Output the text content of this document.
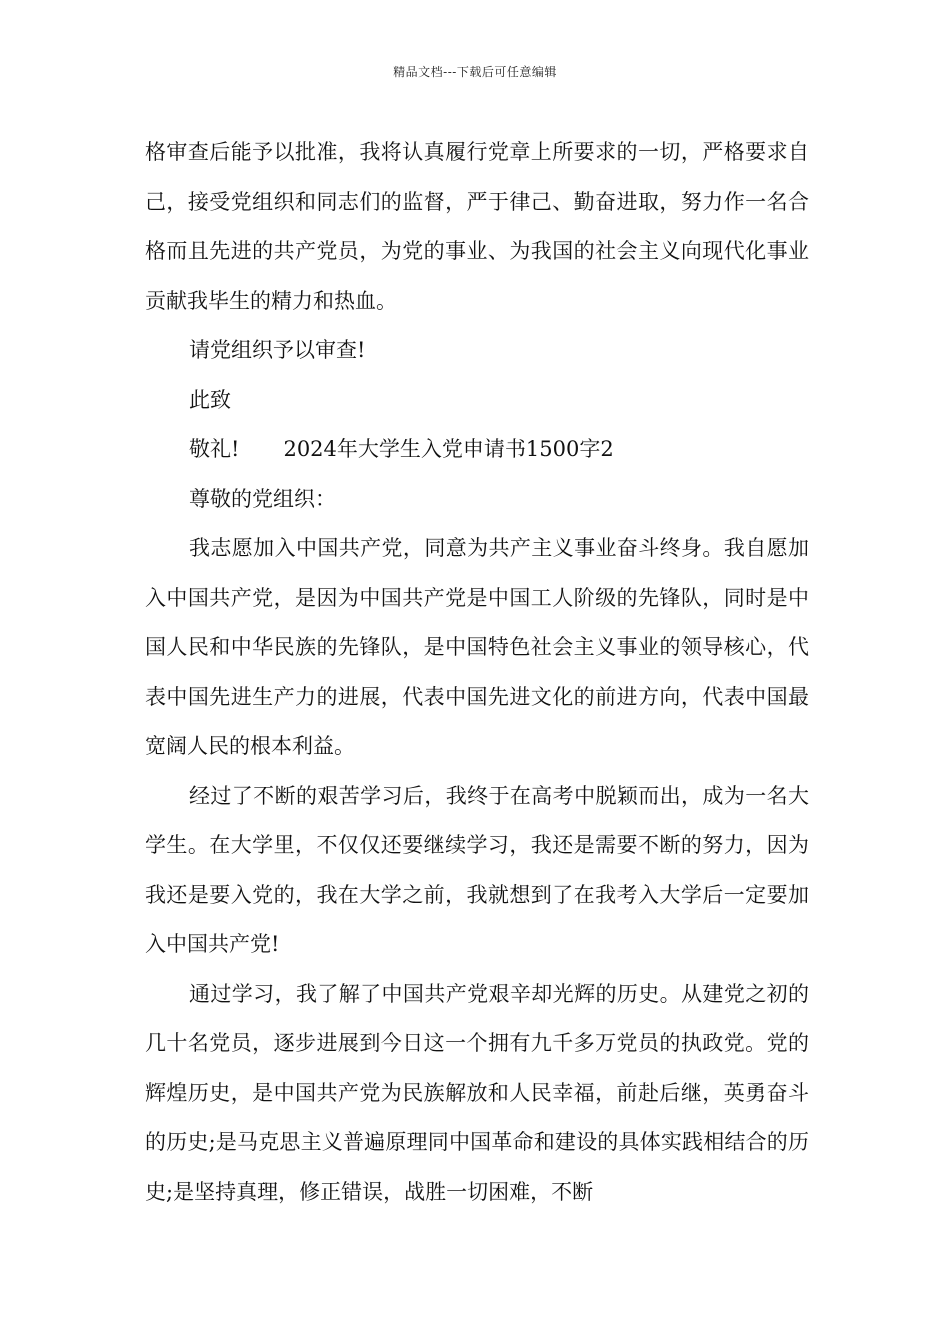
精品文档---下载后可任意编辑

格审查后能予以批准，我将认真履行党章上所要求的一切，严格要求自己，接受党组织和同志们的监督，严于律己、勤奋进取，努力作一名合格而且先进的共产党员，为党的事业、为我国的社会主义向现代化事业贡献我毕生的精力和热血。

请党组织予以审查!

此致

敬礼! 2024年大学生入党申请书1500字2

尊敬的党组织：

我志愿加入中国共产党，同意为共产主义事业奋斗终身。我自愿加入中国共产党，是因为中国共产党是中国工人阶级的先锋队，同时是中国人民和中华民族的先锋队，是中国特色社会主义事业的领导核心，代表中国先进生产力的进展，代表中国先进文化的前进方向，代表中国最宽阔人民的根本利益。

经过了不断的艰苦学习后，我终于在高考中脱颖而出，成为一名大学生。在大学里，不仅仅还要继续学习，我还是需要不断的努力，因为我还是要入党的，我在大学之前，我就想到了在我考入大学后一定要加入中国共产党!

通过学习，我了解了中国共产党艰辛却光辉的历史。从建党之初的几十名党员，逐步进展到今日这一个拥有九千多万党员的执政党。党的辉煌历史，是中国共产党为民族解放和人民幸福，前赴后继，英勇奋斗的历史;是马克思主义普遍原理同中国革命和建设的具体实践相结合的历史;是坚持真理，修正错误，战胜一切困难，不断
